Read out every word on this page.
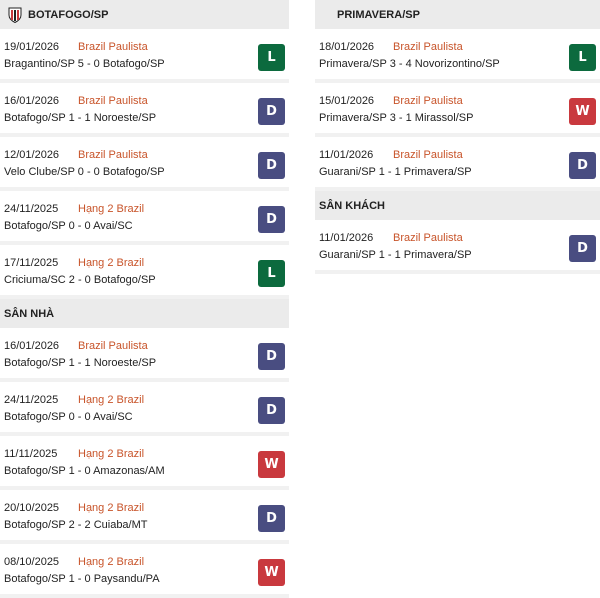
BOTAFOGO/SP
19/01/2026 Brazil Paulista
Bragantino/SP 5 - 0 Botafogo/SP	L
16/01/2026 Brazil Paulista
Botafogo/SP 1 - 1 Noroeste/SP	D
12/01/2026 Brazil Paulista
Velo Clube/SP 0 - 0 Botafogo/SP	D
24/11/2025 Hạng 2 Brazil
Botafogo/SP 0 - 0 Avai/SC	D
17/11/2025 Hạng 2 Brazil
Criciuma/SC 2 - 0 Botafogo/SP	L
SÂN NHÀ
16/01/2026 Brazil Paulista
Botafogo/SP 1 - 1 Noroeste/SP	D
24/11/2025 Hạng 2 Brazil
Botafogo/SP 0 - 0 Avai/SC	D
11/11/2025 Hạng 2 Brazil
Botafogo/SP 1 - 0 Amazonas/AM	W
20/10/2025 Hạng 2 Brazil
Botafogo/SP 2 - 2 Cuiaba/MT	D
08/10/2025 Hạng 2 Brazil
Botafogo/SP 1 - 0 Paysandu/PA	W
PRIMAVERA/SP
18/01/2026 Brazil Paulista
Primavera/SP 3 - 4 Novorizontino/SP	L
15/01/2026 Brazil Paulista
Primavera/SP 3 - 1 Mirassol/SP	W
11/01/2026 Brazil Paulista
Guarani/SP 1 - 1 Primavera/SP	D
SÂN KHÁCH
11/01/2026 Brazil Paulista
Guarani/SP 1 - 1 Primavera/SP	D
